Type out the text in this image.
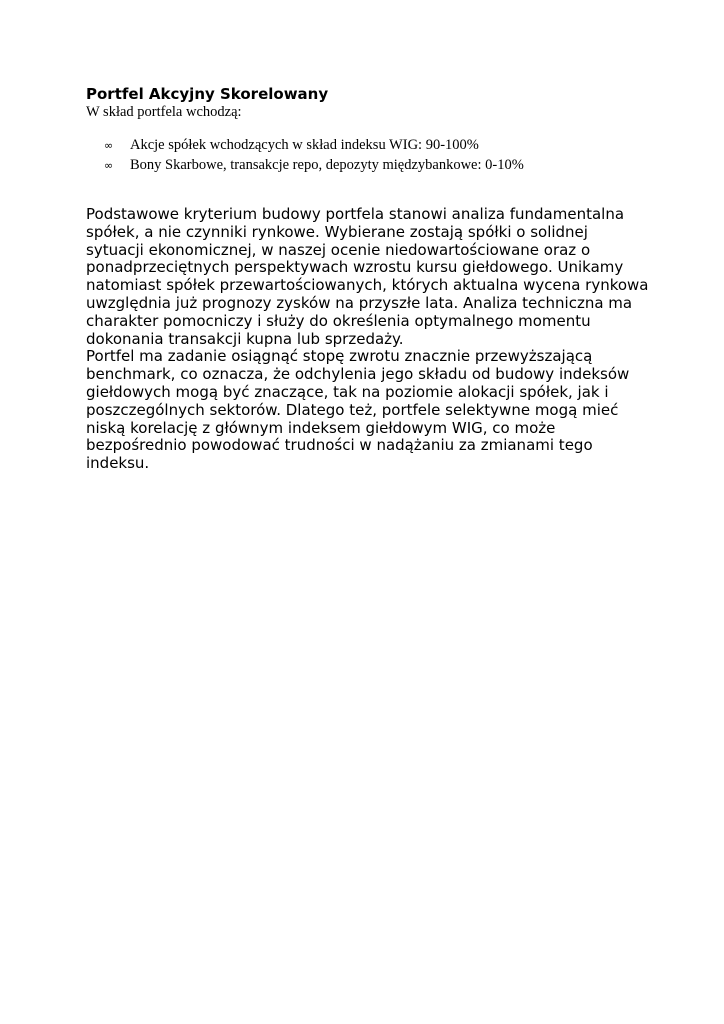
Portfel Akcyjny Skorelowany
W skład portfela wchodzą:
∞ Akcje spółek wchodzących w skład indeksu WIG: 90-100%
∞ Bony Skarbowe, transakcje repo, depozyty międzybankowe: 0-10%

Podstawowe kryterium budowy portfela stanowi analiza fundamentalna
spółek, a nie czynniki rynkowe. Wybierane zostają spółki o solidnej
sytuacji ekonomicznej, w naszej ocenie niedowartościowane oraz o
ponadprzeciętnych perspektywach wzrostu kursu giełdowego. Unikamy
natomiast spółek przewartościowanych, których aktualna wycena rynkowa
uwzględnia już prognozy zysków na przyszłe lata. Analiza techniczna ma
charakter pomocniczy i służy do określenia optymalnego momentu
dokonania transakcji kupna lub sprzedaży.

Portfel ma zadanie osiągnąć stopę zwrotu znacznie przewyższającą
benchmark, co oznacza, że odchylenia jego składu od budowy indeksów
giełdowych mogą być znaczące, tak na poziomie alokacji spółek, jak i
poszczególnych sektorów. Dlatego też, portfele selektywne mogą mieć
niską korelację z głównym indeksem giełdowym WIG, co może
bezpośrednio powodować trudności w nadążaniu za zmianami tego
indeksu.
